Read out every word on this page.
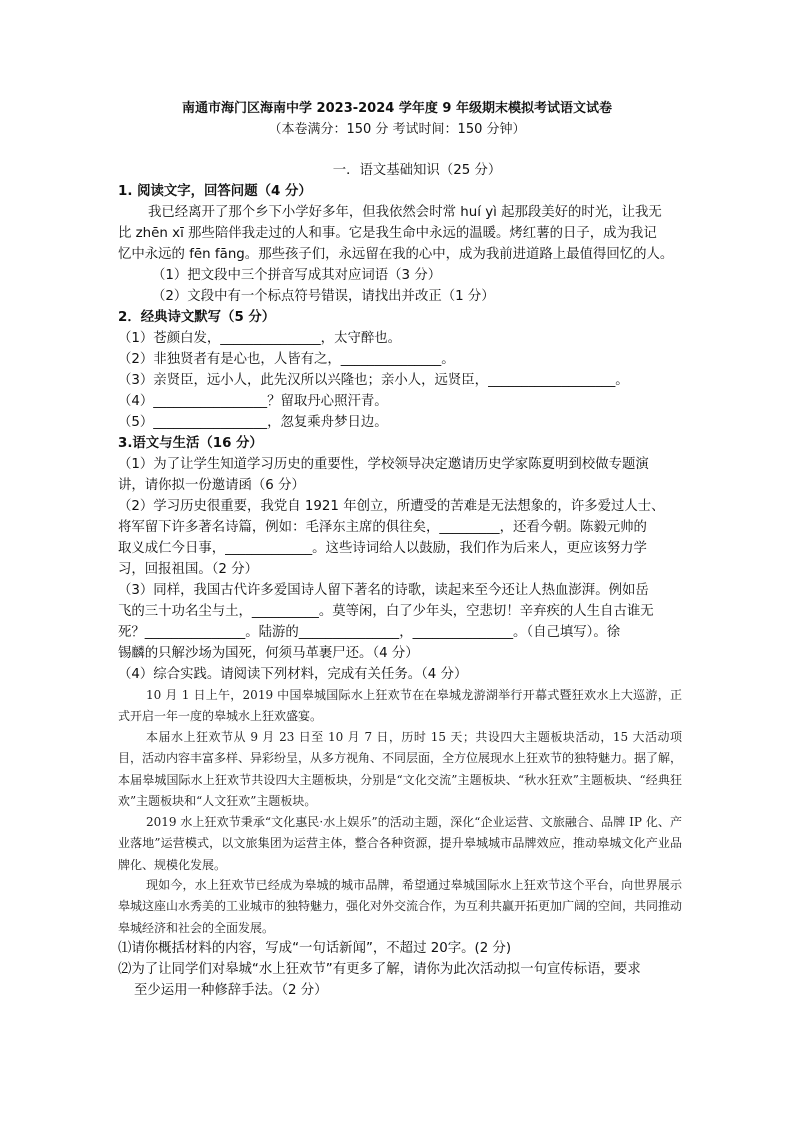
南通市海门区海南中学 2023-2024 学年度 9 年级期末模拟考试语文试卷
（本卷满分：150 分 考试时间：150 分钟）
一．语文基础知识（25 分）
1. 阅读文字，回答问题（4 分）
我已经离开了那个乡下小学好多年，但我依然会时常 huí yì 起那段美好的时光，让我无
比 zhēn xī 那些陪伴我走过的人和事。它是我生命中永远的温暖。烤红薯的日子，成为我记
忆中永远的 fēn fāng。那些孩子们，永远留在我的心中，成为我前进道路上最值得回忆的人。
（1）把文段中三个拼音写成其对应词语（3 分）
（2）文段中有一个标点符号错误，请找出并改正（1 分）
2．经典诗文默写（5 分）
（1）苍颜白发，_______________，太守醉也。
（2）非独贤者有是心也，人皆有之，_______________。
（3）亲贤臣，远小人，此先汉所以兴隆也；亲小人，远贤臣，___________________。
（4）_________________？留取丹心照汗青。
（5）_________________，忽复乘舟梦日边。
3.语文与生活（16 分）
（1）为了让学生知道学习历史的重要性，学校领导决定邀请历史学家陈夏明到校做专题演
讲，请你拟一份邀请函（6 分）
（2）学习历史很重要，我党自 1921 年创立，所遭受的苦难是无法想象的，许多爱过人士、
将军留下许多著名诗篇，例如：毛泽东主席的俱往矣，_________，还看今朝。陈毅元帅的
取义成仁今日事，_____________。这些诗词给人以鼓励，我们作为后来人，更应该努力学
习，回报祖国。（2 分）
（3）同样，我国古代许多爱国诗人留下著名的诗歌，读起来至今还让人热血澎湃。例如岳
飞的三十功名尘与土，__________。莫等闲，白了少年头，空悲切！辛弃疾的人生自古谁无
死？_______________。陆游的_______________，_______________。（自己填写）。徐
锡麟的只解沙场为国死，何须马革裹尸还。（4 分）
（4）综合实践。请阅读下列材料，完成有关任务。（4 分）
10 月 1 日上午，2019 中国皋城国际水上狂欢节在在皋城龙游湖举行开幕式暨狂欢水上大巡游，正式开启一年一度的皋城水上狂欢盛宴。
本届水上狂欢节从 9 月 23 日至 10 月 7 日，历时 15 天；共设四大主题板块活动，15 大活动项目，活动内容丰富多样、异彩纷呈，从多方视角、不同层面，全方位展现水上狂欢节的独特魅力。据了解，本届皋城国际水上狂欢节共设四大主题板块，分别是“文化交流”主题板块、“秋水狂欢”主题板块、“经典狂欢”主题板块和“人文狂欢”主题板块。
2019 水上狂欢节秉承“文化惠民·水上娱乐”的活动主题，深化“企业运营、文旅融合、品牌 IP 化、产业落地”运营模式，以文旅集团为运营主体，整合各种资源，提升皋城城市品牌效应，推动皋城文化产业品牌化、规模化发展。
现如今，水上狂欢节已经成为皋城的城市品牌，希望通过皋城国际水上狂欢节这个平台，向世界展示皋城这座山水秀美的工业城市的独特魅力，强化对外交流合作，为互利共赢开拓更加广阔的空间，共同推动皋城经济和社会的全面发展。
⑴请你概括材料的内容，写成“一句话新闻”，不超过 20字。(2 分)
⑵为了让同学们对皋城“水上狂欢节”有更多了解，请你为此次活动拟一句宣传标语，要求
至少运用一种修辞手法。（2 分）
